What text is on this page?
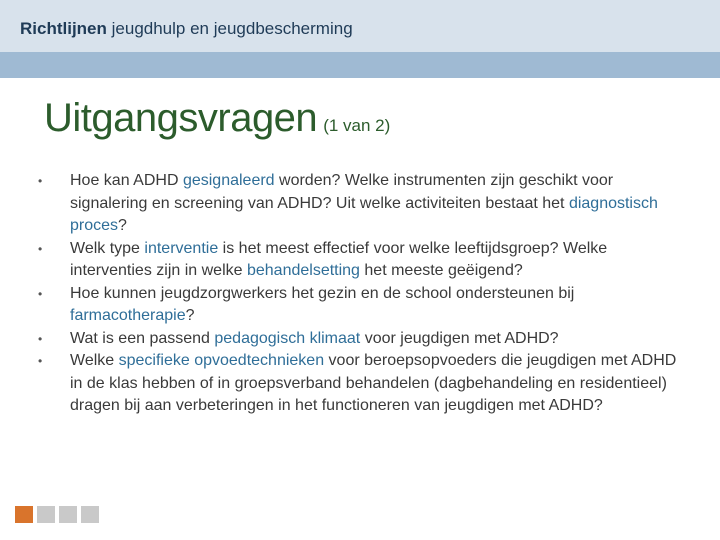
Richtlijnen jeugdhulp en jeugdbescherming
Uitgangsvragen (1 van 2)
• Hoe kan ADHD gesignaleerd worden? Welke instrumenten zijn geschikt voor signalering en screening van ADHD? Uit welke activiteiten bestaat het diagnostisch proces?
• Welk type interventie is het meest effectief voor welke leeftijdsgroep? Welke interventies zijn in welke behandelsetting het meeste geëigend?
• Hoe kunnen jeugdzorgwerkers het gezin en de school ondersteunen bij farmacotherapie?
• Wat is een passend pedagogisch klimaat voor jeugdigen met ADHD?
• Welke specifieke opvoedtechnieken voor beroepsopvoeders die jeugdigen met ADHD in de klas hebben of in groepsverband behandelen (dagbehandeling en residentieel) dragen bij aan verbeteringen in het functioneren van jeugdigen met ADHD?
